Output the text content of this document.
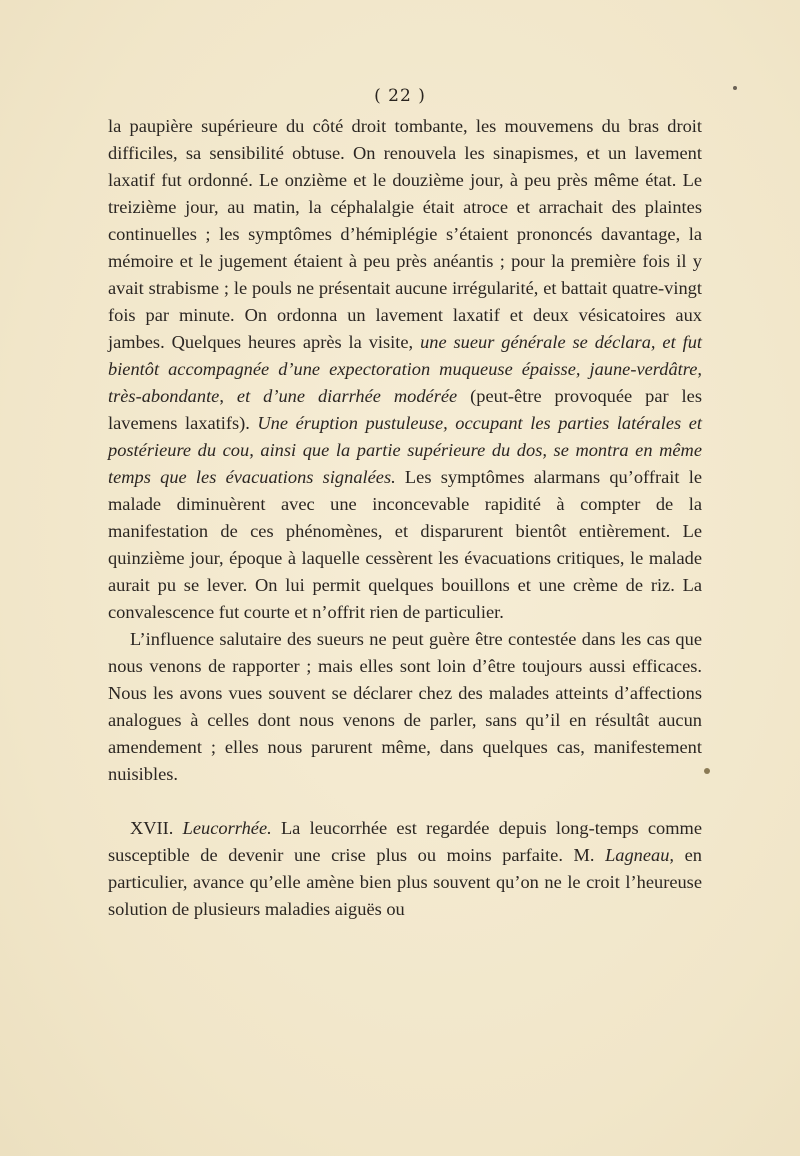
( 22 )

la paupière supérieure du côté droit tombante, les mouvemens du bras droit difficiles, sa sensibilité obtuse. On renouvela les sinapismes, et un lavement laxatif fut ordonné. Le onzième et le douzième jour, à peu près même état. Le treizième jour, au matin, la céphalalgie était atroce et arrachait des plaintes continuelles ; les symptômes d’hémiplégie s’étaient prononcés davantage, la mémoire et le jugement étaient à peu près anéantis ; pour la première fois il y avait strabisme ; le pouls ne présentait aucune irrégularité, et battait quatre-vingt fois par minute. On ordonna un lavement laxatif et deux vésicatoires aux jambes. Quelques heures après la visite, une sueur générale se déclara, et fut bientôt accompagnée d’une expectoration muqueuse épaisse, jaune-verdâtre, très-abondante, et d’une diarrhée modérée (peut-être provoquée par les lavemens laxatifs). Une éruption pustuleuse, occupant les parties latérales et postérieure du cou, ainsi que la partie supérieure du dos, se montra en même temps que les évacuations signalées. Les symptômes alarmans qu’offrait le malade diminuèrent avec une inconcevable rapidité à compter de la manifestation de ces phénomènes, et disparurent bientôt entièrement. Le quinzième jour, époque à laquelle cessèrent les évacuations critiques, le malade aurait pu se lever. On lui permit quelques bouillons et une crème de riz. La convalescence fut courte et n’offrit rien de particulier.

L’influence salutaire des sueurs ne peut guère être contestée dans les cas que nous venons de rapporter ; mais elles sont loin d’être toujours aussi efficaces. Nous les avons vues souvent se déclarer chez des malades atteints d’affections analogues à celles dont nous venons de parler, sans qu’il en résultât aucun amendement ; elles nous parurent même, dans quelques cas, manifestement nuisibles.

XVII. Leucorrhée. La leucorrhée est regardée depuis long-temps comme susceptible de devenir une crise plus ou moins parfaite. M. Lagneau, en particulier, avance qu’elle amène bien plus souvent qu’on ne le croit l’heureuse solution de plusieurs maladies aiguës ou
